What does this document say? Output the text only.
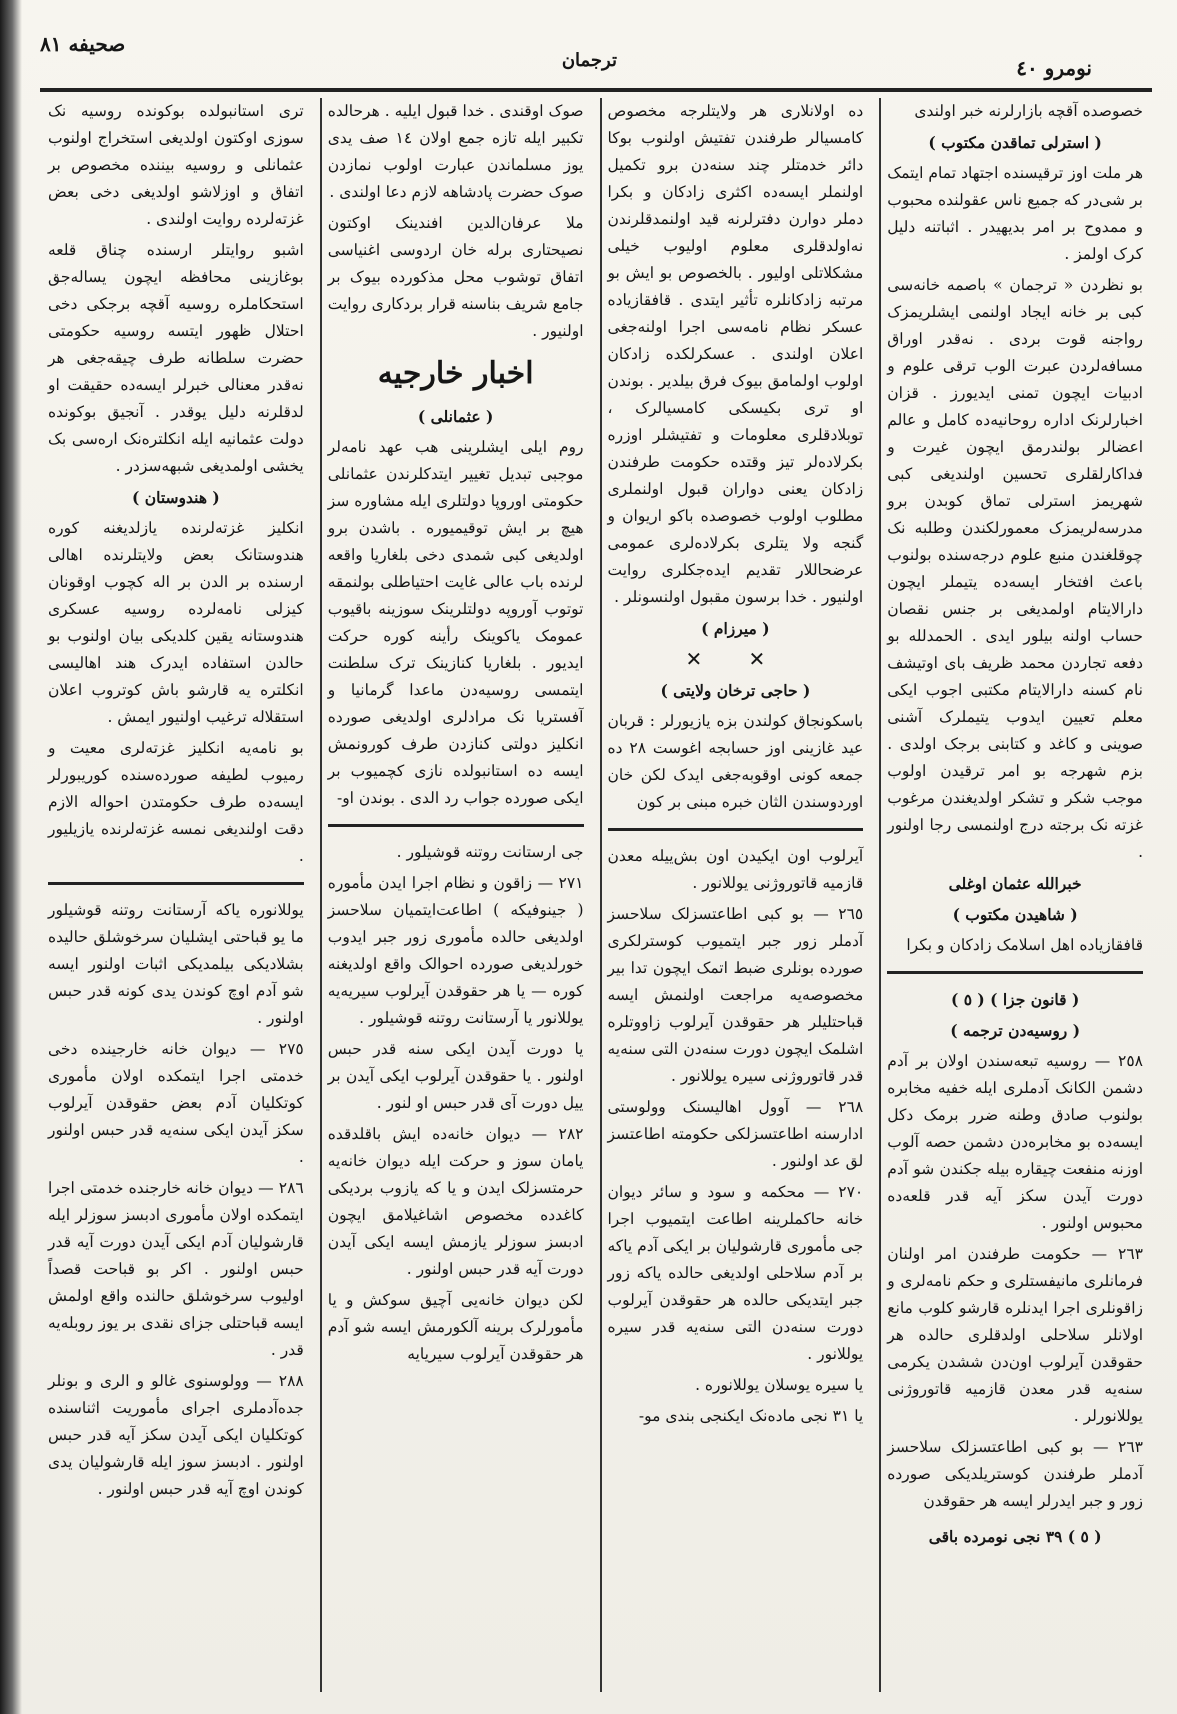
نومرو ٤٠
ترجمان
صحیفه ٨١

خصوصده آقچه بازارلرنه خبر اولندی

( استرلی تماقدن مکتوب )

هر ملت اوز ترقیسنده اجتهاد تمام ایتمک بر شی‌در که جمیع ناس عقولنده محبوب و ممدوح بر امر بدیهیدر . اثباتنه دلیل کرک اولمز .

بو نظردن « ترجمان » باصمه خانه‌سی کبی بر خانه ایجاد اولنمی ایشلریمزک رواجنه قوت بردی . نه‌قدر اوراق مسافه‌لردن عبرت الوب ترقی علوم و ادبیات ایچون تمنی ایدیورز . قزان اخبارلرنک اداره روحانیه‌ده کامل و عالم اعضالر بولندرمق ایچون غیرت و فداکارلقلری تحسین اولندیغی کبی شهریمز استرلی تماق کوبدن برو مدرسه‌لریمزک معمورلکندن وطلبه نک چوقلغندن منبع علوم درجه‌سنده بولنوب باعث افتخار ایسه‌ده یتیملر ایچون دارالایتام اولمدیغی بر جنس نقصان حساب اولنه بیلور ایدی . الحمدلله بو دفعه تجاردن محمد ظریف بای اوتیشف نام کسنه دارالایتام مکتبی اجوب ایکی معلم تعیین ایدوب یتیملرک آشنی صوینی و کاغد و کتابنی برجک اولدی . بزم شهرجه بو امر ترقیدن اولوب موجب شکر و تشکر اولدیغندن مرغوب غزته‌ نک برجته درج اولنمسی رجا اولنور .

خبرالله عثمان اوغلی
( شاهیدن مکتوب )

قافقازیاده اهل اسلامک زادکان و بکرا

( قانون جزا ) ( ٥ )
( روسیه‌دن ترجمه )

٢٥٨ — روسیه تبعه‌سندن اولان بر آدم دشمن الکانک آدملری ایله خفیه مخابره بولنوب صادق وطنه ضرر برمک دکل ایسه‌ده بو مخابره‌دن دشمن حصه آلوب اوزنه منفعت چیقاره بیله‌ جکندن شو آدم دورت آیدن سکز آیه قدر قلعه‌ده محبوس اولنور .

٢٦٣ — حکومت طرفندن امر اولنان فرمانلری مانیفستلری و حکم نامه‌لری و زاقونلری اجرا ایدنلره قارشو کلوب مانع اولانلر سلاحلی اولدقلری حالده هر حقوقدن آیرلوب اون‌دن ششدن یکرمی سنه‌یه قدر معدن قازمیه قاتوروژنی یوللانورلر .

٢٦٣ — بو کبی اطاعتسزلک سلاحسز آدملر طرفندن کوستریلدیکی صورده زور و جبر ایدرلر ایسه هر حقوقدن

( ٥ ) ٣٩ نجی نومرده باقی

ده اولانلاری هر ولایتلرجه مخصوص کامسیالر طرفندن تفتیش اولنوب بوکا دائر خدمتلر چند سنه‌دن برو تکمیل اولنملر ایسه‌ده اکثری زادکان و بکرا دملر دوارن دفترلرنه قید اولنمدقلرندن نه‌اولدقلری معلوم اولیوب خیلی مشکلاتلی اولیور . بالخصوص بو ایش بو مرتبه زادکانلره تأثیر ایتدی . قافقازیاده عسکر نظام نامه‌سی اجرا اولنه‌جغی اعلان اولندی . عسکرلکده زادکان اولوب اولمامق بیوک فرق بیلدیر . بوندن او تری بکیسکی کامسیالرک ، توبلادقلری معلومات و تفتیشلر اوزره بکرلاده‌لر تیز وقتده حکومت طرفندن زادکان یعنی دواران قبول اولنملری مطلوب اولوب خصوصده باکو اریوان و گنجه ولا یتلری بکرلاده‌لری عمومی عرضحاللار تقدیم ایده‌جکلری روایت اولنیور . خدا برسون مقبول اولنسونلر .

( میرزام )
✕ ✕
( حاجی ترخان ولایتی )

باسکونجاق کولندن بزه یازیورلر : قربان عید غازینی اوز حسابجه اغوست ٢٨ ده جمعه کونی اوقوبه‌جغی ایدک لکن خان اوردوسندن الثان خبره مبنی بر کون

آیرلوب اون ایکیدن اون بش‌ییله معدن قازمیه قاتوروژنی یوللانور .

٢٦٥ — بو کبی اطاعتسزلک سلاحسز آدملر زور جبر ایتمیوب کوسترلکری صورده بونلری ضبط اتمک ایچون تدا بیر مخصوصه‌یه مراجعت اولنمش ایسه قباحتلیلر هر حقوقدن آیرلوب زاووتلره اشلمک ایچون دورت سنه‌دن التی سنه‌یه قدر قاتوروژنی سیره یوللانور .

٢٦٨ — آوول اهالیسنک وولوستی ادارسنه اطاعتسزلکی حکومته اطاعتسز لق عد اولنور .

٢٧٠ — محکمه و سود و سائر دیوان خانه حاکملرینه اطاعت ایتمیوب اجرا جی مأموری قارشولیان بر ایکی آدم یاکه بر آدم سلاحلی اولدیغی حالده یاکه زور جبر ایتدیکی حالده هر حقوقدن آیرلوب دورت سنه‌دن التی سنه‌یه قدر سیره یوللانور .

یا سیره یوسلان یوللانوره .

یا ٣١ نجی ماده‌نک ایکنجی بندی مو-

صوک اوقندی . خدا قبول ایلیه . هرحالده تکبیر ایله تازه جمع اولان ١٤ صف یدی یوز مسلماندن عبارت اولوب نمازدن صوک حضرت پادشاهه لازم دعا اولندی .

ملا عرفان‌الدین افندینک اوکتون نصیحتاری برله خان اردوسی اغنیاسی اتفاق توشوب محل مذکورده بیوک بر جامع شریف بناسنه قرار بردکاری روایت اولنیور .

اخبار خارجیه
( عثمانلی )

روم ایلی ایشلرینی هب عهد نامه‌لر موجبی تبدیل تغییر ایتدکلرندن عثمانلی حکومتی اوروپا دولتلری ایله مشاوره سز هیچ بر ایش توقیمیوره . باشدن برو اولدیغی کبی شمدی دخی بلغاریا واقعه لرنده باب عالی غایت احتیاطلی بولنمقه توتوب آوروپه‌ دولتلرینک سوزینه باقیوب عمومک یاکوینک رأینه کوره حرکت ایدیور . بلغاریا کنازینک ترک سلطنت ایتمسی روسیه‌دن ماعدا گرمانیا و آفستریا نک مرادلری اولدیغی صورده انکلیز دولتی کنازدن طرف کورونمش ایسه ده استانبولده نازی کچمیوب بر ایکی صورده جواب رد الدی . بوندن او-

جی ارستانت روتنه قوشیلور .

٢٧١ — زاقون و نظام اجرا ایدن مأموره ( جینوفیکه ) اطاعت‌ایتمیان سلاحسز اولدیغی حالده مأموری زور جبر ایدوب خورلدیغی صورده احوالک واقع اولدیغنه کوره — یا هر حقوقدن آیرلوب سیریه‌یه یوللانور یا آرستانت روتنه قوشیلور .

یا دورت آیدن ایکی سنه قدر حبس اولنور . یا حقوقدن آیرلوب ایکی آیدن بر ییل دورت آی قدر حبس او لنور .

٢٨٢ — دیوان خانه‌ده ایش باقلدقده یامان سوز و حرکت ایله دیوان خانه‌یه حرمتسزلک ایدن و یا که یازوب بردیکی کاغدده مخصوص اشاغیلامق ایچون ادبسز سوزلر یازمش ایسه ایکی آیدن دورت آیه قدر حبس اولنور .

لکن دیوان خانه‌یی آچیق سوکش و یا مأمورلرک برینه آلکورمش ایسه شو آدم هر حقوقدن آیرلوب سیریایه

تری استانبولده بوکونده روسیه‌ نک سوزی اوکتون اولدیغی استخراج اولنوب عثمانلی و روسیه بیننده مخصوص بر اتفاق و اوزلاشو اولدیغی دخی بعض غزته‌لرده روایت اولندی .

اشبو روایتلر ارسنده چناق قلعه بوغازینی محافظه ایچون یساله‌جق استحکاملره روسیه آقچه برجکی دخی احتلال ظهور ایتسه روسیه حکومتی حضرت سلطانه طرف چیقه‌جغی هر نه‌قدر معنالی خبرلر ایسه‌ده حقیقت او لدقلرنه دلیل یوقدر . آنجیق بوکونده دولت عثمانیه ایله انکلتره‌نک اره‌سی بک یخشی اولمدیغی شبهه‌سزدر .

( هندوستان )

انکلیز غزته‌لرنده یازلدیغنه کوره هندوستانک بعض ولایتلرنده اهالی ارسنده بر الدن بر اله کچوب اوقونان کیزلی نامه‌لرده روسیه عسکری هندوستانه یقین کلدیکی بیان اولنوب بو حالدن استفاده ایدرک هند اهالیسی انکلتره یه قارشو باش کوتروب اعلان استقلاله ترغیب اولنیور ایمش .

بو نامه‌یه انکلیز غزته‌لری معیت و رمیوب لطیفه صورده‌سنده کوریبورلر ایسه‌ده طرف حکومتدن احواله الازم دقت اولندیغی نمسه غزته‌لرنده یازیلیور .

یوللانوره یاکه آرستانت روتنه قوشیلور ما یو قباحتی ایشلیان سرخوشلق حالیده بشلادیکی بیلمدیکی اثبات اولنور ایسه شو آدم اوچ کوندن یدی کونه قدر حبس اولنور .

٢٧٥ — دیوان خانه خارجینده دخی خدمتی اجرا ایتمکده اولان مأموری کوتکلیان آدم بعض حقوقدن آیرلوب سکز آیدن ایکی سنه‌یه قدر حبس اولنور .

٢٨٦ — دیوان خانه خارجنده خدمتی اجرا ایتمکده اولان مأموری ادبسز سوزلر ایله قارشولیان آدم ایکی آیدن دورت آیه قدر حبس اولنور . اکر بو قباحت قصداً اولیوب سرخوشلق حالنده واقع اولمش ایسه قباحتلی جزای نقدی بر یوز روبله‌یه قدر .

٢٨٨ — وولوسنوی غالو و الری و بونلر جده‌آدملری اجرای مأموریت اثناسنده کوتکلیان ایکی آیدن سکز آیه قدر حبس اولنور . ادبسز سوز ایله قارشولیان یدی کوندن اوچ آیه قدر حبس اولنور .
